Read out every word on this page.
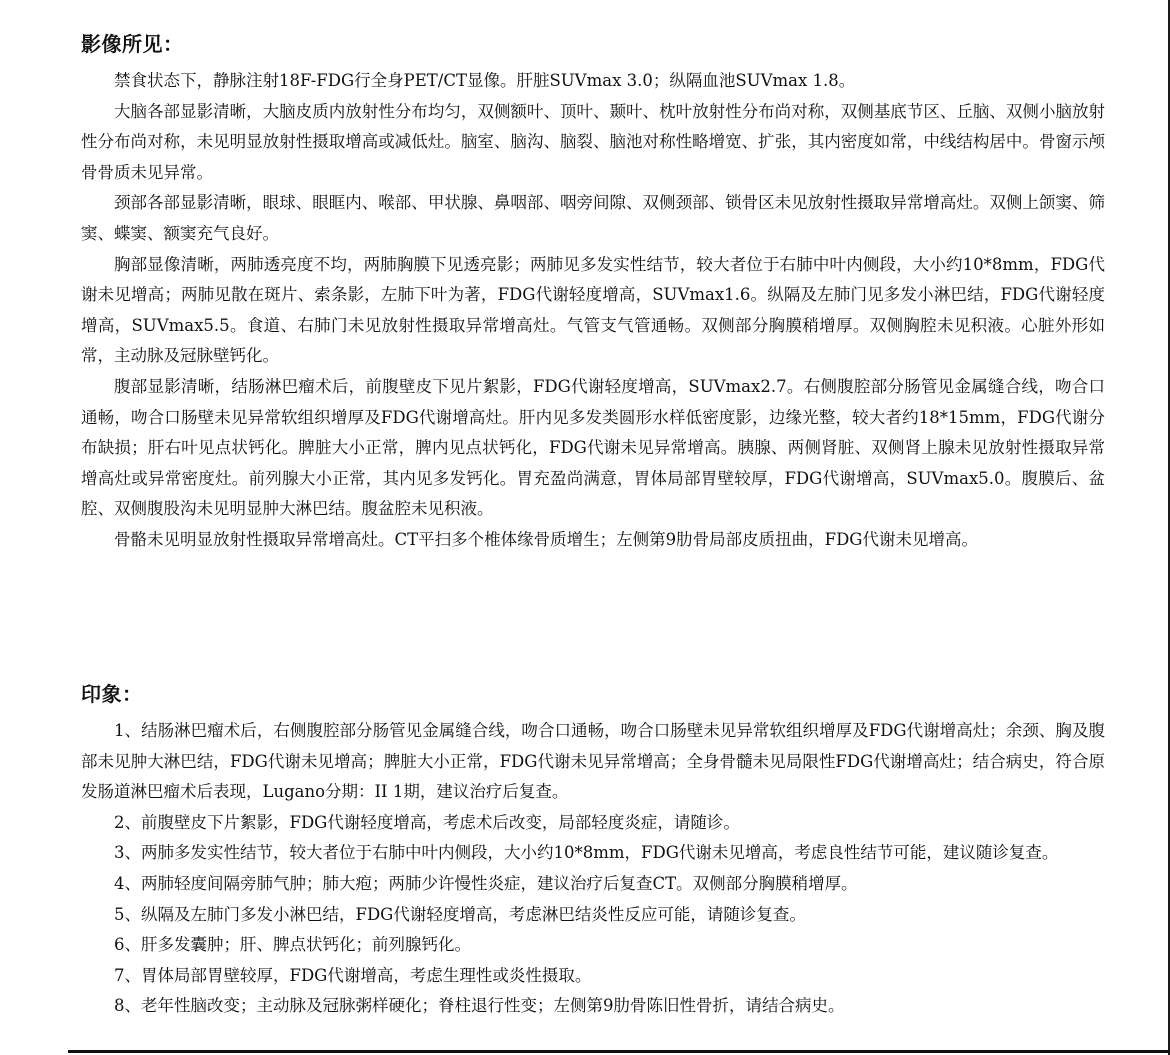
影像所见：

禁食状态下，静脉注射18F-FDG行全身PET/CT显像。肝脏SUVmax 3.0；纵隔血池SUVmax 1.8。

大脑各部显影清晰，大脑皮质内放射性分布均匀，双侧额叶、顶叶、颞叶、枕叶放射性分布尚对称，双侧基底节区、丘脑、双侧小脑放射性分布尚对称，未见明显放射性摄取增高或减低灶。脑室、脑沟、脑裂、脑池对称性略增宽、扩张，其内密度如常，中线结构居中。骨窗示颅骨骨质未见异常。

颈部各部显影清晰，眼球、眼眶内、喉部、甲状腺、鼻咽部、咽旁间隙、双侧颈部、锁骨区未见放射性摄取异常增高灶。双侧上颌窦、筛窦、蝶窦、额窦充气良好。

胸部显像清晰，两肺透亮度不均，两肺胸膜下见透亮影；两肺见多发实性结节，较大者位于右肺中叶内侧段，大小约10*8mm，FDG代谢未见增高；两肺见散在斑片、索条影，左肺下叶为著，FDG代谢轻度增高，SUVmax1.6。纵隔及左肺门见多发小淋巴结，FDG代谢轻度增高，SUVmax5.5。食道、右肺门未见放射性摄取异常增高灶。气管支气管通畅。双侧部分胸膜稍增厚。双侧胸腔未见积液。心脏外形如常，主动脉及冠脉壁钙化。

腹部显影清晰，结肠淋巴瘤术后，前腹壁皮下见片絮影，FDG代谢轻度增高，SUVmax2.7。右侧腹腔部分肠管见金属缝合线，吻合口通畅，吻合口肠壁未见异常软组织增厚及FDG代谢增高灶。肝内见多发类圆形水样低密度影，边缘光整，较大者约18*15mm，FDG代谢分布缺损；肝右叶见点状钙化。脾脏大小正常，脾内见点状钙化，FDG代谢未见异常增高。胰腺、两侧肾脏、双侧肾上腺未见放射性摄取异常增高灶或异常密度灶。前列腺大小正常，其内见多发钙化。胃充盈尚满意，胃体局部胃壁较厚，FDG代谢增高，SUVmax5.0。腹膜后、盆腔、双侧腹股沟未见明显肿大淋巴结。腹盆腔未见积液。

骨骼未见明显放射性摄取异常增高灶。CT平扫多个椎体缘骨质增生；左侧第9肋骨局部皮质扭曲，FDG代谢未见增高。

印象：

1、结肠淋巴瘤术后，右侧腹腔部分肠管见金属缝合线，吻合口通畅，吻合口肠壁未见异常软组织增厚及FDG代谢增高灶；余颈、胸及腹部未见肿大淋巴结，FDG代谢未见增高；脾脏大小正常，FDG代谢未见异常增高；全身骨髓未见局限性FDG代谢增高灶；结合病史，符合原发肠道淋巴瘤术后表现，Lugano分期：II 1期，建议治疗后复查。

2、前腹壁皮下片絮影，FDG代谢轻度增高，考虑术后改变，局部轻度炎症，请随诊。

3、两肺多发实性结节，较大者位于右肺中叶内侧段，大小约10*8mm，FDG代谢未见增高，考虑良性结节可能，建议随诊复查。

4、两肺轻度间隔旁肺气肿；肺大疱；两肺少许慢性炎症，建议治疗后复查CT。双侧部分胸膜稍增厚。

5、纵隔及左肺门多发小淋巴结，FDG代谢轻度增高，考虑淋巴结炎性反应可能，请随诊复查。

6、肝多发囊肿；肝、脾点状钙化；前列腺钙化。

7、胃体局部胃壁较厚，FDG代谢增高，考虑生理性或炎性摄取。

8、老年性脑改变；主动脉及冠脉粥样硬化；脊柱退行性变；左侧第9肋骨陈旧性骨折，请结合病史。
